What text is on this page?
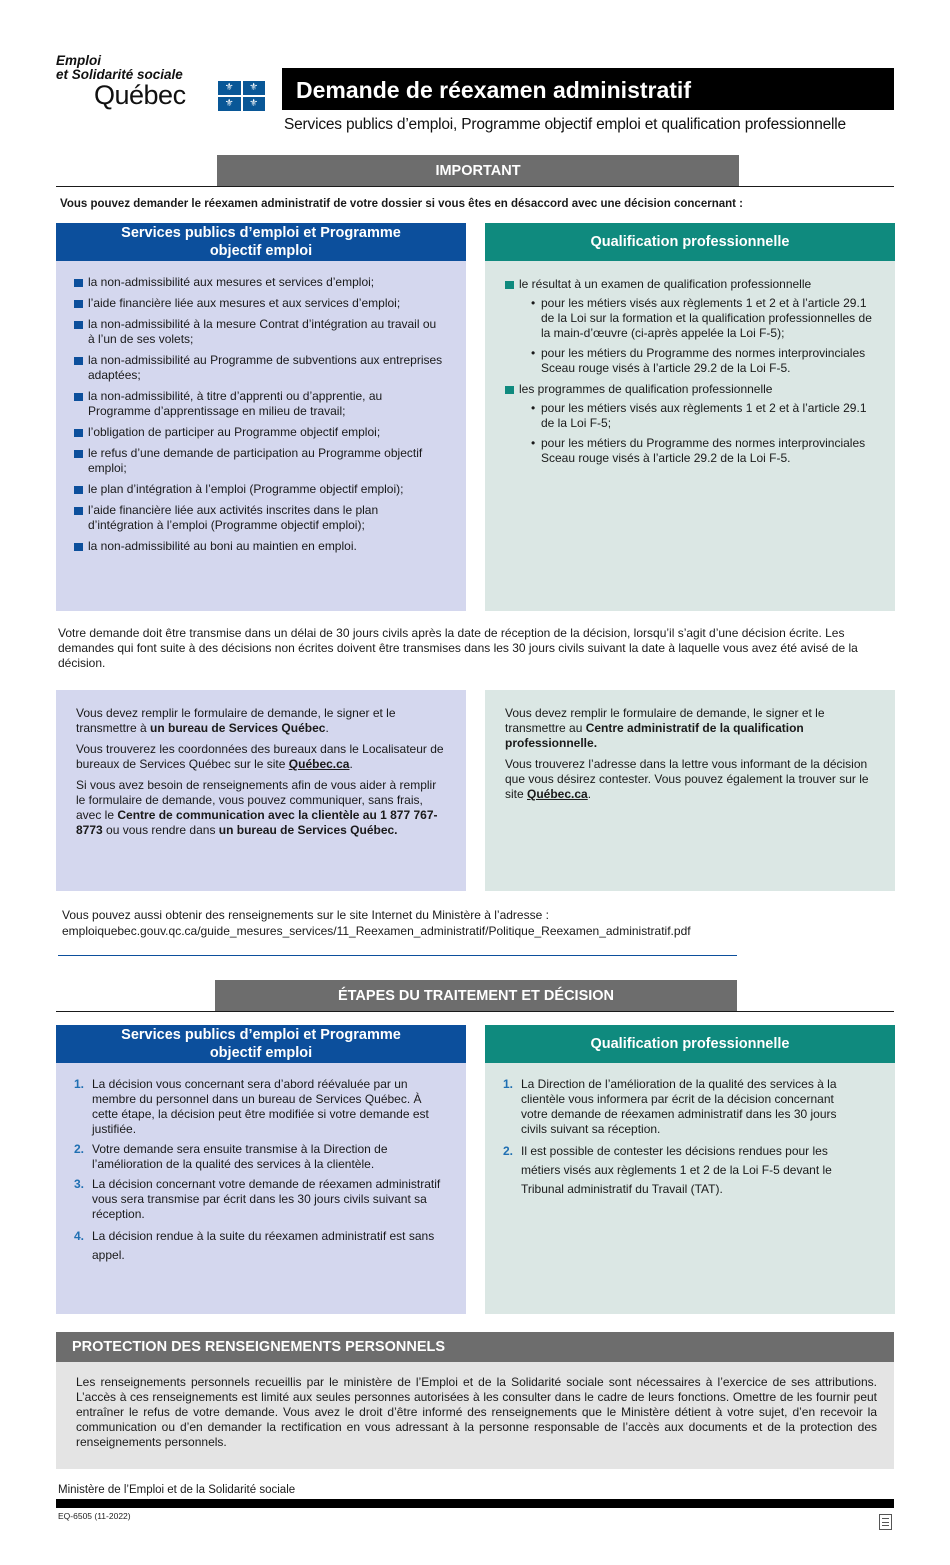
Emploi
et Solidarité sociale
Québec	⚜	⚜
⚜	⚜
Demande de réexamen administratif
Services publics d’emploi, Programme objectif emploi et qualification professionnelle
IMPORTANT
Vous pouvez demander le réexamen administratif de votre dossier si vous êtes en désaccord avec une décision concernant :
Services publics d’emploi et Programme objectif emploi
la non-admissibilité aux mesures et services d’emploi;
l’aide financière liée aux mesures et aux services d’emploi;
la non-admissibilité à la mesure Contrat d’intégration au travail ou à l’un de ses volets;
la non-admissibilité au Programme de subventions aux entreprises adaptées;
la non-admissibilité, à titre d’apprenti ou d’apprentie, au Programme d’apprentissage en milieu de travail;
l’obligation de participer au Programme objectif emploi;
le refus d’une demande de participation au Programme objectif emploi;
le plan d’intégration à l’emploi (Programme objectif emploi);
l’aide financière liée aux activités inscrites dans le plan d’intégration à l’emploi (Programme objectif emploi);
la non-admissibilité au boni au maintien en emploi.
Qualification professionnelle
le résultat à un examen de qualification professionnelle
• pour les métiers visés aux règlements 1 et 2 et à l’article 29.1 de la Loi sur la formation et la qualification professionnelles de la main-d’œuvre (ci-après appelée la Loi F-5);
• pour les métiers du Programme des normes interprovinciales Sceau rouge visés à l’article 29.2 de la Loi F-5.
les programmes de qualification professionnelle
• pour les métiers visés aux règlements 1 et 2 et à l’article 29.1 de la Loi F-5;
• pour les métiers du Programme des normes interprovinciales Sceau rouge visés à l’article 29.2 de la Loi F-5.
Votre demande doit être transmise dans un délai de 30 jours civils après la date de réception de la décision, lorsqu’il s’agit d’une décision écrite. Les demandes qui font suite à des décisions non écrites doivent être transmises dans les 30 jours civils suivant la date à laquelle vous avez été avisé de la décision.

Vous devez remplir le formulaire de demande, le signer et le transmettre à un bureau de Services Québec.

Vous trouverez les coordonnées des bureaux dans le Localisateur de bureaux de Services Québec sur le site Québec.ca.

Si vous avez besoin de renseignements afin de vous aider à remplir le formulaire de demande, vous pouvez communiquer, sans frais, avec le Centre de communication avec la clientèle au 1 877 767-8773 ou vous rendre dans un bureau de Services Québec.

Vous devez remplir le formulaire de demande, le signer et le transmettre au Centre administratif de la qualification professionnelle.

Vous trouverez l’adresse dans la lettre vous informant de la décision que vous désirez contester. Vous pouvez également la trouver sur le site Québec.ca.

Vous pouvez aussi obtenir des renseignements sur le site Internet du Ministère à l’adresse :
emploiquebec.gouv.qc.ca/guide_mesures_services/11_Reexamen_administratif/Politique_Reexamen_administratif.pdf
ÉTAPES DU TRAITEMENT ET DÉCISION
Services publics d’emploi et Programme objectif emploi
1. La décision vous concernant sera d’abord réévaluée par un membre du personnel dans un bureau de Services Québec. À cette étape, la décision peut être modifiée si votre demande est justifiée.
2. Votre demande sera ensuite transmise à la Direction de l’amélioration de la qualité des services à la clientèle.
3. La décision concernant votre demande de réexamen administratif vous sera transmise par écrit dans les 30 jours civils suivant sa réception.
4. La décision rendue à la suite du réexamen administratif est sans appel.
Qualification professionnelle
1. La Direction de l’amélioration de la qualité des services à la clientèle vous informera par écrit de la décision concernant votre demande de réexamen administratif dans les 30 jours civils suivant sa réception.
2. Il est possible de contester les décisions rendues pour les métiers visés aux règlements 1 et 2 de la Loi F-5 devant le Tribunal administratif du Travail (TAT).
PROTECTION DES RENSEIGNEMENTS PERSONNELS
Les renseignements personnels recueillis par le ministère de l’Emploi et de la Solidarité sociale sont nécessaires à l’exercice de ses attributions. L’accès à ces renseignements est limité aux seules personnes autorisées à les consulter dans le cadre de leurs fonctions. Omettre de les fournir peut entraîner le refus de votre demande. Vous avez le droit d’être informé des renseignements que le Ministère détient à votre sujet, d’en recevoir la communication ou d’en demander la rectification en vous adressant à la personne responsable de l’accès aux documents et de la protection des renseignements personnels.
Ministère de l’Emploi et de la Solidarité sociale
EQ-6505 (11-2022)
